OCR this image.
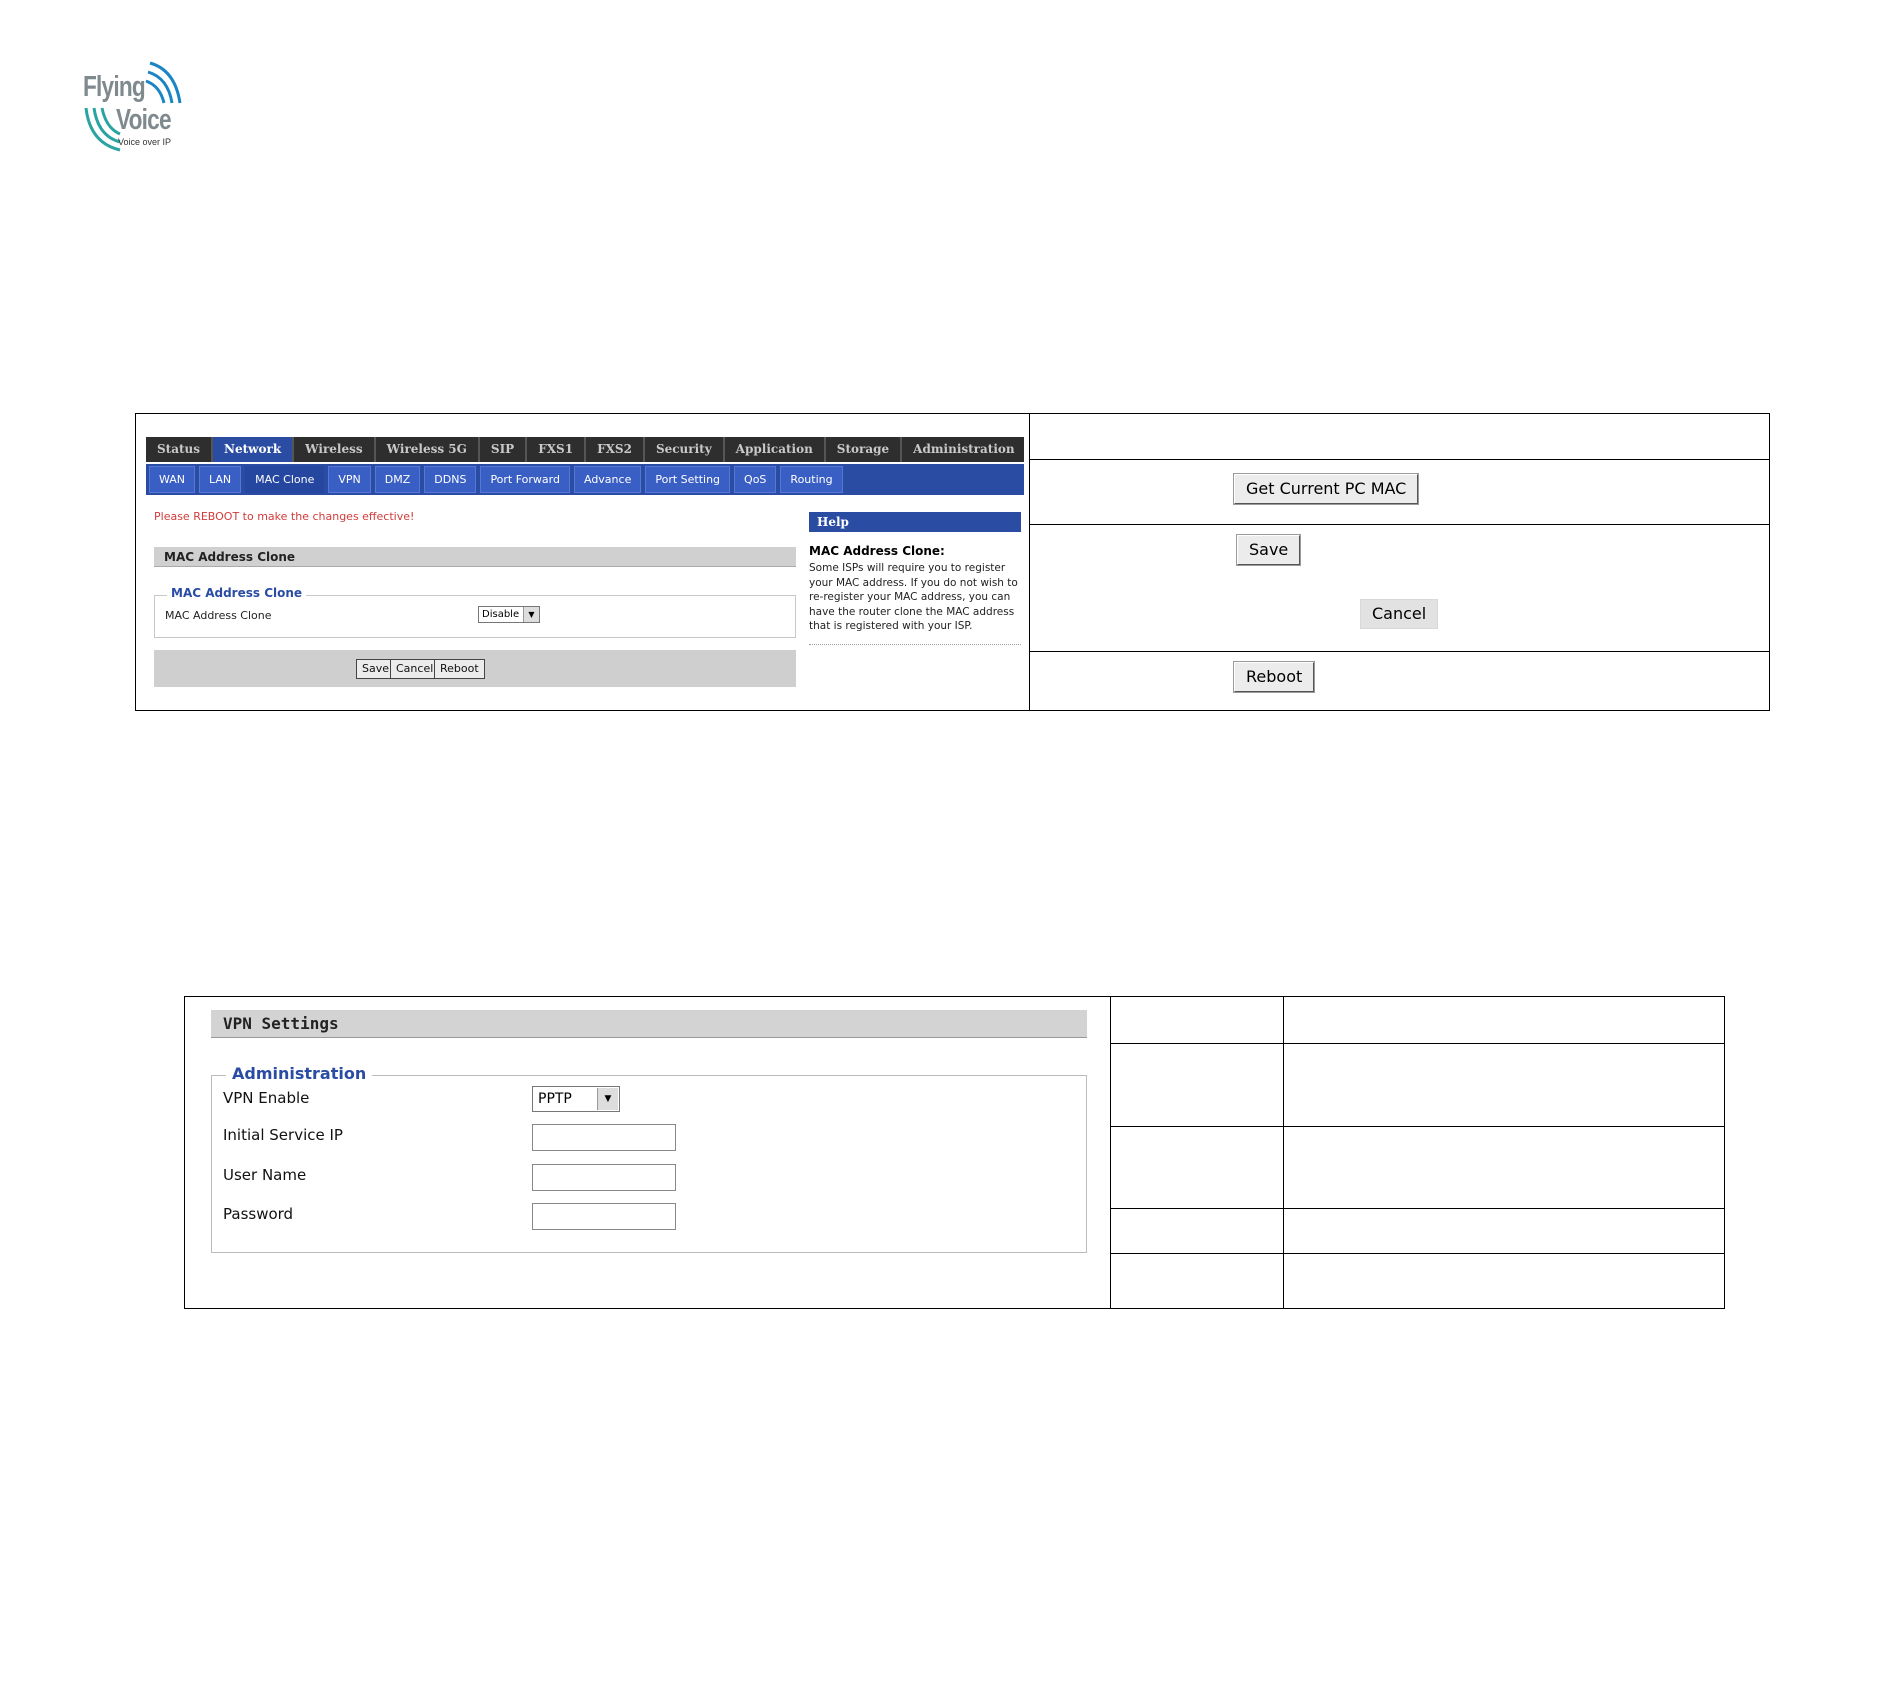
Flying
Voice
Voice over IP
Status	Network	Wireless	Wireless 5G	SIP	FXS1	FXS2	Security	Application	Storage	Administration
WAN	LAN	MAC Clone	VPN	DMZ	DDNS	Port Forward	Advance	Port Setting	QoS	Routing
Please REBOOT to make the changes effective!
MAC Address Clone
MAC Address Clone
MAC Address Clone	Disable	▼
Save Cancel Reboot
Help
MAC Address Clone:
Some ISPs will require you to register your MAC address. If you do not wish to re-register your MAC address, you can have the router clone the MAC address that is registered with your ISP.
Get Current PC MAC
Save
Cancel
Reboot
VPN Settings
Administration
VPN Enable	PPTP	▼
Initial Service IP
User Name
Password
